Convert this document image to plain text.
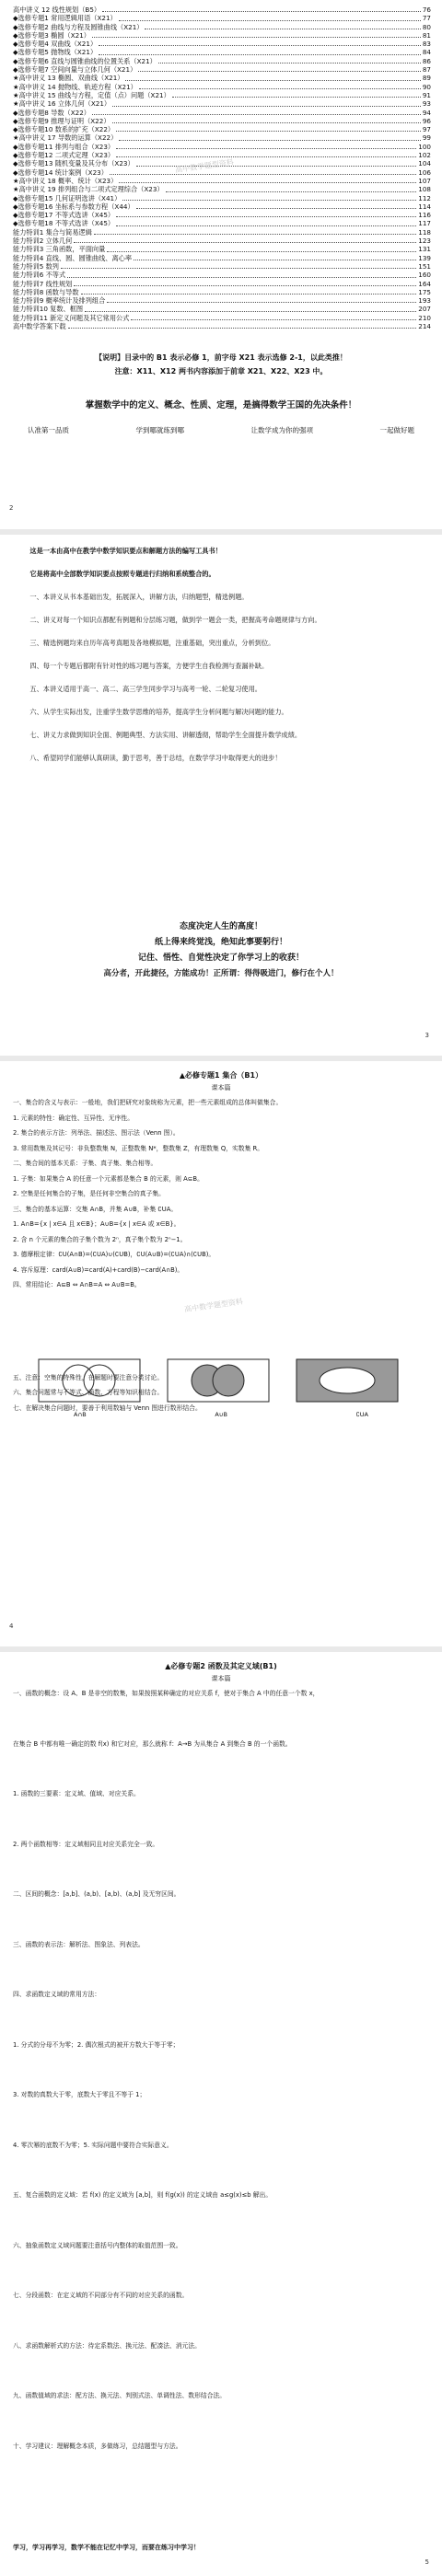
高中讲义 12 线性规划（B5）	76
◆选修专题1 常用逻辑用语（X21）	77
◆选修专题2 曲线与方程及圆锥曲线（X21）	80
◆选修专题3 椭圆（X21）	81
◆选修专题4 双曲线（X21）	83
◆选修专题5 抛物线（X21）	84
◆选修专题6 直线与圆锥曲线的位置关系（X21）	86
◆选修专题7 空间向量与立体几何（X21）	87
★高中讲义 13 椭圆、双曲线（X21）	89
★高中讲义 14 抛物线、轨迹方程（X21）	90
★高中讲义 15 曲线与方程，定值（点）问题（X21）	91
★高中讲义 16 立体几何（X21）	93
◆选修专题8 导数（X22）	94
◆选修专题9 推理与证明（X22）	96
◆选修专题10 数系的扩充（X22）	97
★高中讲义 17 导数的运算（X22）	99
◆选修专题11 排列与组合（X23）	100
◆选修专题12 二项式定理（X23）	102
◆选修专题13 随机变量及其分布（X23）	104
◆选修专题14 统计案例（X23）	106
★高中讲义 18 概率、统计（X23）	107
★高中讲义 19 排列组合与二项式定理综合（X23）	108
◆选修专题15 几何证明选讲（X41）	112
◆选修专题16 坐标系与参数方程（X44）	114
◆选修专题17 不等式选讲（X45）	116
◆选修专题18 不等式选讲（X45）	117
能力特训1 集合与简易逻辑	118
能力特训2 立体几何	123
能力特训3 三角函数，平面向量	131
能力特训4 直线、圆、圆锥曲线、离心率	139
能力特训5 数列	151
能力特训6 不等式	160
能力特训7 线性规划	164
能力特训8 函数与导数	175
能力特训9 概率统计及排列组合	193
能力特训10 复数、框图	207
能力特训11 新定义问题及其它常用公式	210
高中数学答案下载	214
高中数学题型资料
【说明】目录中的 B1 表示必修 1，前字母 X21 表示选修 2-1，以此类推！
注意：X11、X12 两书内容添加于前章 X21、X22、X23 中。
掌握数学中的定义、概念、性质、定理，是搞得数学王国的先决条件！
认准第一品质	学到哪就练到哪	让数学成为你的强项	一起做好题
2

这是一本由高中在教学中数学知识要点和解题方法的编写工具书！

它是将高中全部数学知识要点按照专题进行归纳和系统整合的。

一、本讲义从书本基础出发，拓展深入，讲解方法，归纳题型，精选例题。

二、讲义对每一个知识点都配有例题和分层练习题，做到学一题会一类，把握高考命题规律与方向。

三、精选例题均来自历年高考真题及各地模拟题，注重基础，突出重点，分析到位。

四、每一个专题后都附有针对性的练习题与答案，方便学生自我检测与查漏补缺。

五、本讲义适用于高一、高二、高三学生同步学习与高考一轮、二轮复习使用。

六、从学生实际出发，注重学生数学思维的培养，提高学生分析问题与解决问题的能力。

七、讲义力求做到知识全面、例题典型、方法实用、讲解透彻，帮助学生全面提升数学成绩。

八、希望同学们能够认真研读，勤于思考，善于总结，在数学学习中取得更大的进步！

态度决定人生的高度！
纸上得来终觉浅，绝知此事要躬行！
记住、悟性、自觉性决定了你学习上的收获！
高分者，开此捷径，方能成功！正所谓：得得吸进门，修行在个人！
3
▲必修专题1 集合（B1）
课本篇
一、集合的含义与表示：一般地，我们把研究对象统称为元素，把一些元素组成的总体叫做集合。
1. 元素的特性：确定性、互异性、无序性。
2. 集合的表示方法：列举法、描述法、图示法（Venn 图）。
3. 常用数集及其记号：非负整数集 N，正整数集 N*，整数集 Z，有理数集 Q，实数集 R。
二、集合间的基本关系：子集、真子集、集合相等。
1. 子集：如果集合 A 的任意一个元素都是集合 B 的元素，则 A⊆B。
2. 空集是任何集合的子集，是任何非空集合的真子集。
三、集合的基本运算：交集 A∩B，并集 A∪B，补集 ∁UA。
1. A∩B={x | x∈A 且 x∈B}；A∪B={x | x∈A 或 x∈B}。
2. 含 n 个元素的集合的子集个数为 2ⁿ，真子集个数为 2ⁿ−1。
3. 德摩根定律：∁U(A∩B)=(∁UA)∪(∁UB)，∁U(A∪B)=(∁UA)∩(∁UB)。
4. 容斥原理：card(A∪B)=card(A)+card(B)−card(A∩B)。
四、常用结论：A⊆B ⇔ A∩B=A ⇔ A∪B=B。
五、注意：空集的特殊性，在解题时要注意分类讨论。
六、集合问题常与不等式、函数、方程等知识相结合。
七、在解决集合问题时，要善于利用数轴与 Venn 图进行数形结合。
A∩B	A∪B	∁UA
高中数学题型资料
4
▲必修专题2 函数及其定义域(B1)
课本篇
一、函数的概念：设 A、B 是非空的数集，如果按照某种确定的对应关系 f，使对于集合 A 中的任意一个数 x，
在集合 B 中都有唯一确定的数 f(x) 和它对应，那么就称 f：A→B 为从集合 A 到集合 B 的一个函数。
1. 函数的三要素：定义域、值域、对应关系。
2. 两个函数相等：定义域相同且对应关系完全一致。
二、区间的概念：[a,b]、(a,b)、[a,b)、(a,b] 及无穷区间。
三、函数的表示法：解析法、图象法、列表法。
四、求函数定义域的常用方法：
1. 分式的分母不为零；2. 偶次根式的被开方数大于等于零；
3. 对数的真数大于零，底数大于零且不等于 1；
4. 零次幂的底数不为零；5. 实际问题中要符合实际意义。
五、复合函数的定义域：若 f(x) 的定义域为 [a,b]，则 f(g(x)) 的定义域由 a≤g(x)≤b 解出。
六、抽象函数定义域问题要注意括号内整体的取值范围一致。
七、分段函数：在定义域的不同部分有不同的对应关系的函数。
八、求函数解析式的方法：待定系数法、换元法、配凑法、消元法。
九、函数值域的求法：配方法、换元法、判别式法、单调性法、数形结合法。
十、学习建议：理解概念本质，多做练习，总结题型与方法。
学习，学习再学习，数学不能在记忆中学习，而要在练习中学习！
5
